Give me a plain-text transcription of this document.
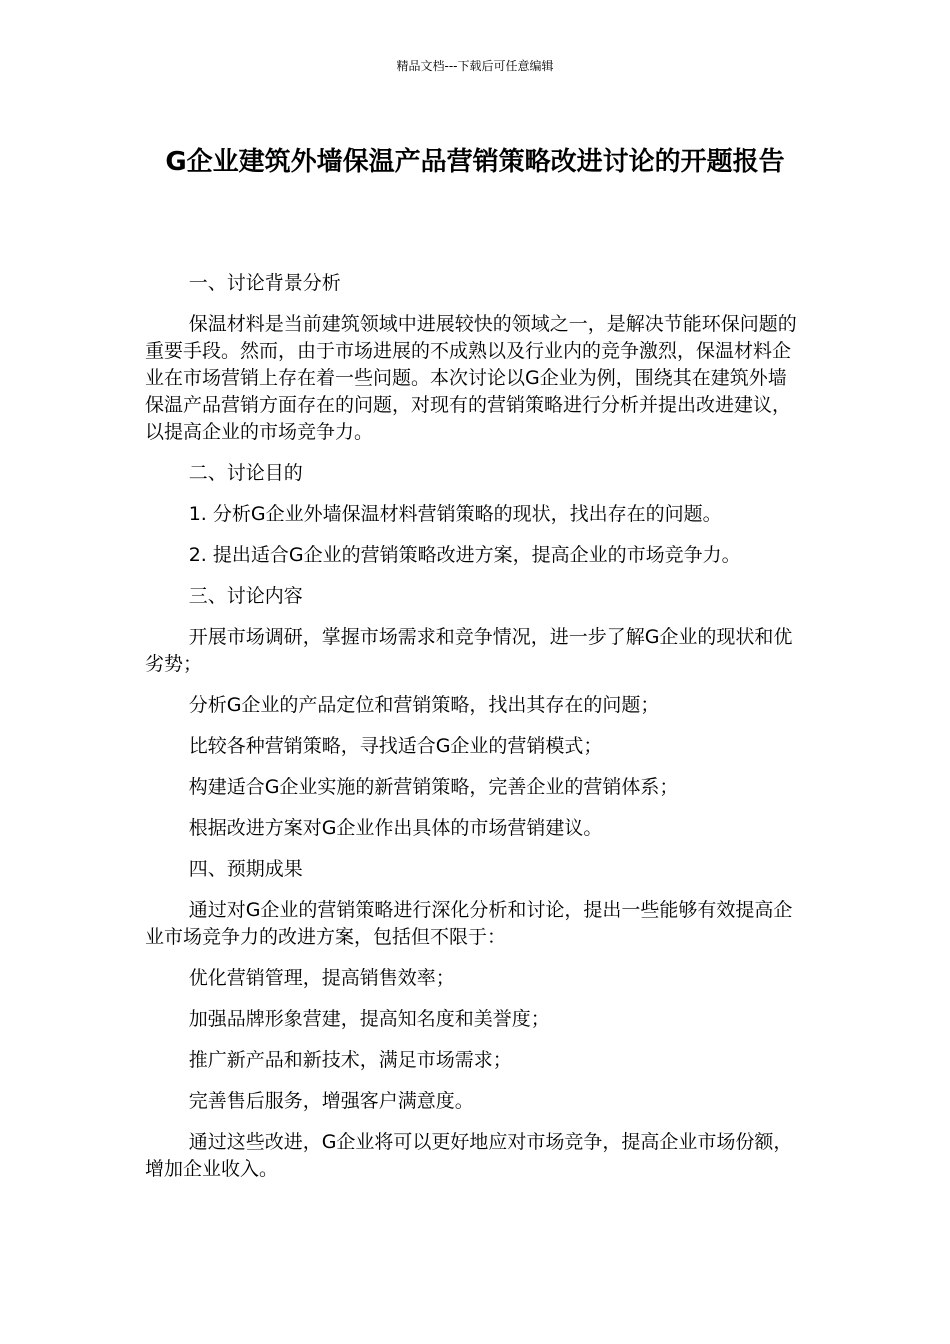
精品文档---下载后可任意编辑
G企业建筑外墙保温产品营销策略改进讨论的开题报告

一、讨论背景分析

保温材料是当前建筑领域中进展较快的领域之一，是解决节能环保问题的重要手段。然而，由于市场进展的不成熟以及行业内的竞争激烈，保温材料企业在市场营销上存在着一些问题。本次讨论以G企业为例，围绕其在建筑外墙保温产品营销方面存在的问题，对现有的营销策略进行分析并提出改进建议，以提高企业的市场竞争力。

二、讨论目的

1. 分析G企业外墙保温材料营销策略的现状，找出存在的问题。

2. 提出适合G企业的营销策略改进方案，提高企业的市场竞争力。

三、讨论内容

开展市场调研，掌握市场需求和竞争情况，进一步了解G企业的现状和优劣势；

分析G企业的产品定位和营销策略，找出其存在的问题；

比较各种营销策略，寻找适合G企业的营销模式；

构建适合G企业实施的新营销策略，完善企业的营销体系；

根据改进方案对G企业作出具体的市场营销建议。

四、预期成果

通过对G企业的营销策略进行深化分析和讨论，提出一些能够有效提高企业市场竞争力的改进方案，包括但不限于：

优化营销管理，提高销售效率；

加强品牌形象营建，提高知名度和美誉度；

推广新产品和新技术，满足市场需求；

完善售后服务，增强客户满意度。

通过这些改进，G企业将可以更好地应对市场竞争，提高企业市场份额，增加企业收入。
